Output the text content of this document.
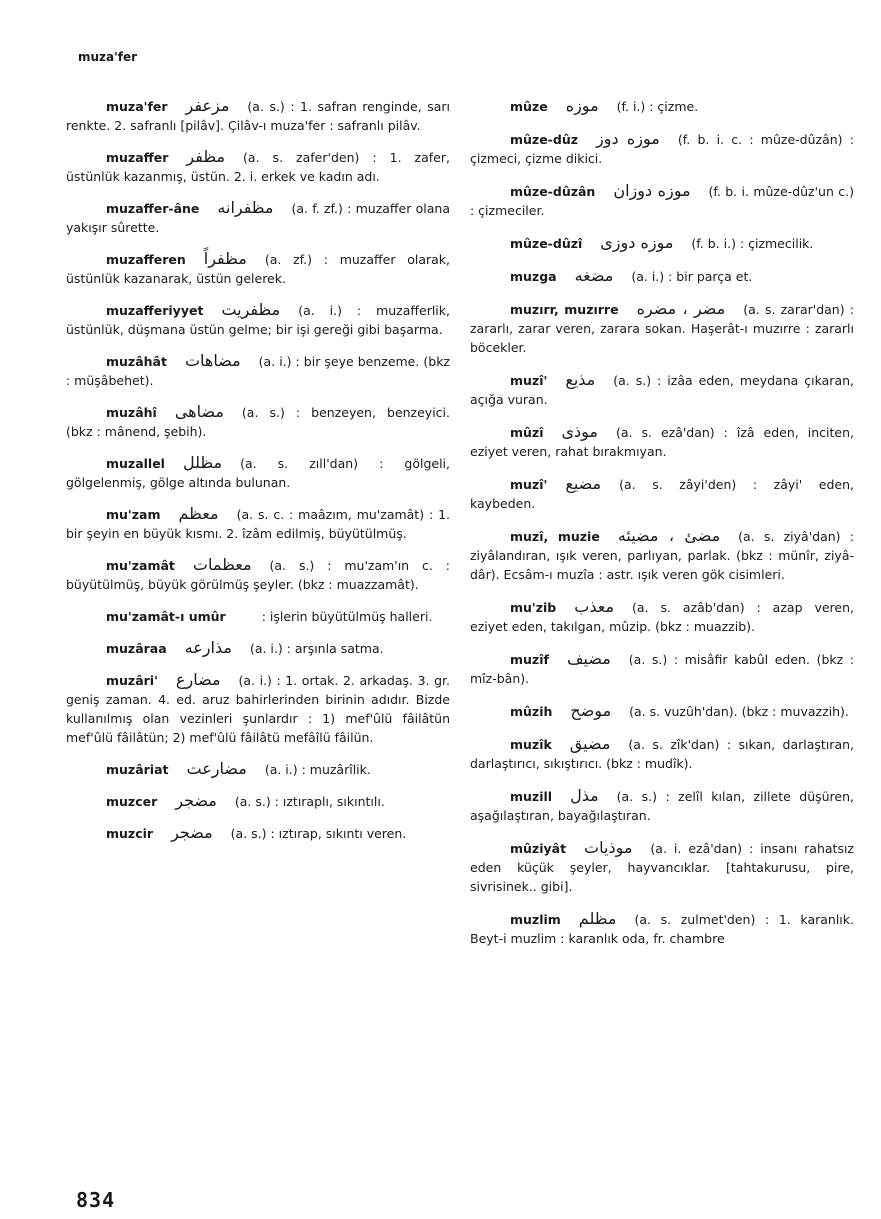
muza'fer
muza'fer مزعفر (a. s.) : 1. safran renginde, sarı renkte. 2. safranlı [pilâv]. Çilâv-ı muza'fer : safranlı pilâv.
muzaffer مظفر (a. s. zafer'den) : 1. zafer, üstünlük kazanmış, üstün. 2. i. erkek ve kadın adı.
muzaffer-âne مظفرانه (a. f. zf.) : muzaffer olana yakışır sûrette.
muzafferen مظفراً (a. zf.) : muzaffer olarak, üstünlük kazanarak, üstün gelerek.
muzafferiyyet مظفريت (a. i.) : muzafferlik, üstünlük, düşmana üstün gelme; bir işi gereği gibi başarma.
muzâhât مضاهات (a. i.) : bir şeye benzeme. (bkz : müşâbehet).
muzâhî مضاهى (a. s.) : benzeyen, benzeyici. (bkz : mânend, şebih).
muzallel مظلل (a. s. zıll'dan) : gölgeli, gölgelenmiş, gölge altında bulunan.
mu'zam معظم (a. s. c. : maâzım, mu'zamât) : 1. bir şeyin en büyük kısmı. 2. îzâm edilmiş, büyütülmüş.
mu'zamât معظمات (a. s.) : mu'zam'ın c. : büyütülmüş, büyük görülmüş şeyler. (bkz : muazzamât).
mu'zamât-ı umûr	: işlerin büyütülmüş halleri.
muzâraa مذارعه (a. i.) : arşınla satma.
muzâri' مضارع (a. i.) : 1. ortak. 2. arkadaş. 3. gr. geniş zaman. 4. ed. aruz bahirlerinden birinin adıdır. Bizde kullanılmış olan vezinleri şunlardır : 1) mef'ûlü fâilâtün mef'ûlü fâilâtün; 2) mef'ûlü fâilâtü mefâîlü fâilün.
muzâriat مضارعت (a. i.) : muzârîlik.
muzcer مضجر (a. s.) : ıztıraplı, sıkıntılı.
muzcir مضجر (a. s.) : ıztırap, sıkıntı veren.
mûze موزه (f. i.) : çizme.
mûze-dûz موزه دوز (f. b. i. c. : mûze-dûzân) : çizmeci, çizme dikici.
mûze-dûzân موزه دوزان (f. b. i. mûze-dûz'un c.) : çizmeciler.
mûze-dûzî موزه دوزى (f. b. i.) : çizmecilik.
muzga مضغه (a. i.) : bir parça et.
muzırr, muzırre مضر ، مضره (a. s. zarar'dan) : zararlı, zarar veren, zarara sokan. Haşerât-ı muzırre : zararlı böcekler.
muzî' مذيع (a. s.) : izâa eden, meydana çıkaran, açığa vuran.
mûzî موذى (a. s. ezâ'dan) : îzâ eden, inciten, eziyet veren, rahat bırakmıyan.
muzî' مضيع (a. s. zâyi'den) : zâyi' eden, kaybeden.
muzî, muzie مضئ ، مضيئه (a. s. ziyâ'dan) : ziyâlandıran, ışık veren, parlıyan, parlak. (bkz : münîr, ziyâ-dâr). Ecsâm-ı muzîa : astr. ışık veren gök cisimleri.
mu'zib معذب (a. s. azâb'dan) : azap veren, eziyet eden, takılgan, mûzip. (bkz : muazzib).
muzîf مضيف (a. s.) : misâfir kabûl eden. (bkz : mîz-bân).
mûzih موضح (a. s. vuzûh'dan). (bkz : muvazzih).
muzîk مضيق (a. s. zîk'dan) : sıkan, darlaştıran, darlaştırıcı, sıkıştırıcı. (bkz : mudîk).
muzill مذل (a. s.) : zelîl kılan, zillete düşüren, aşağılaştıran, bayağılaştıran.
mûziyât موذيات (a. i. ezâ'dan) : insanı rahatsız eden küçük şeyler, hayvancıklar. [tahtakurusu, pire, sivrisinek.. gibi].
muzlim مظلم (a. s. zulmet'den) : 1. karanlık. Beyt-i muzlim : karanlık oda, fr. chambre
834
